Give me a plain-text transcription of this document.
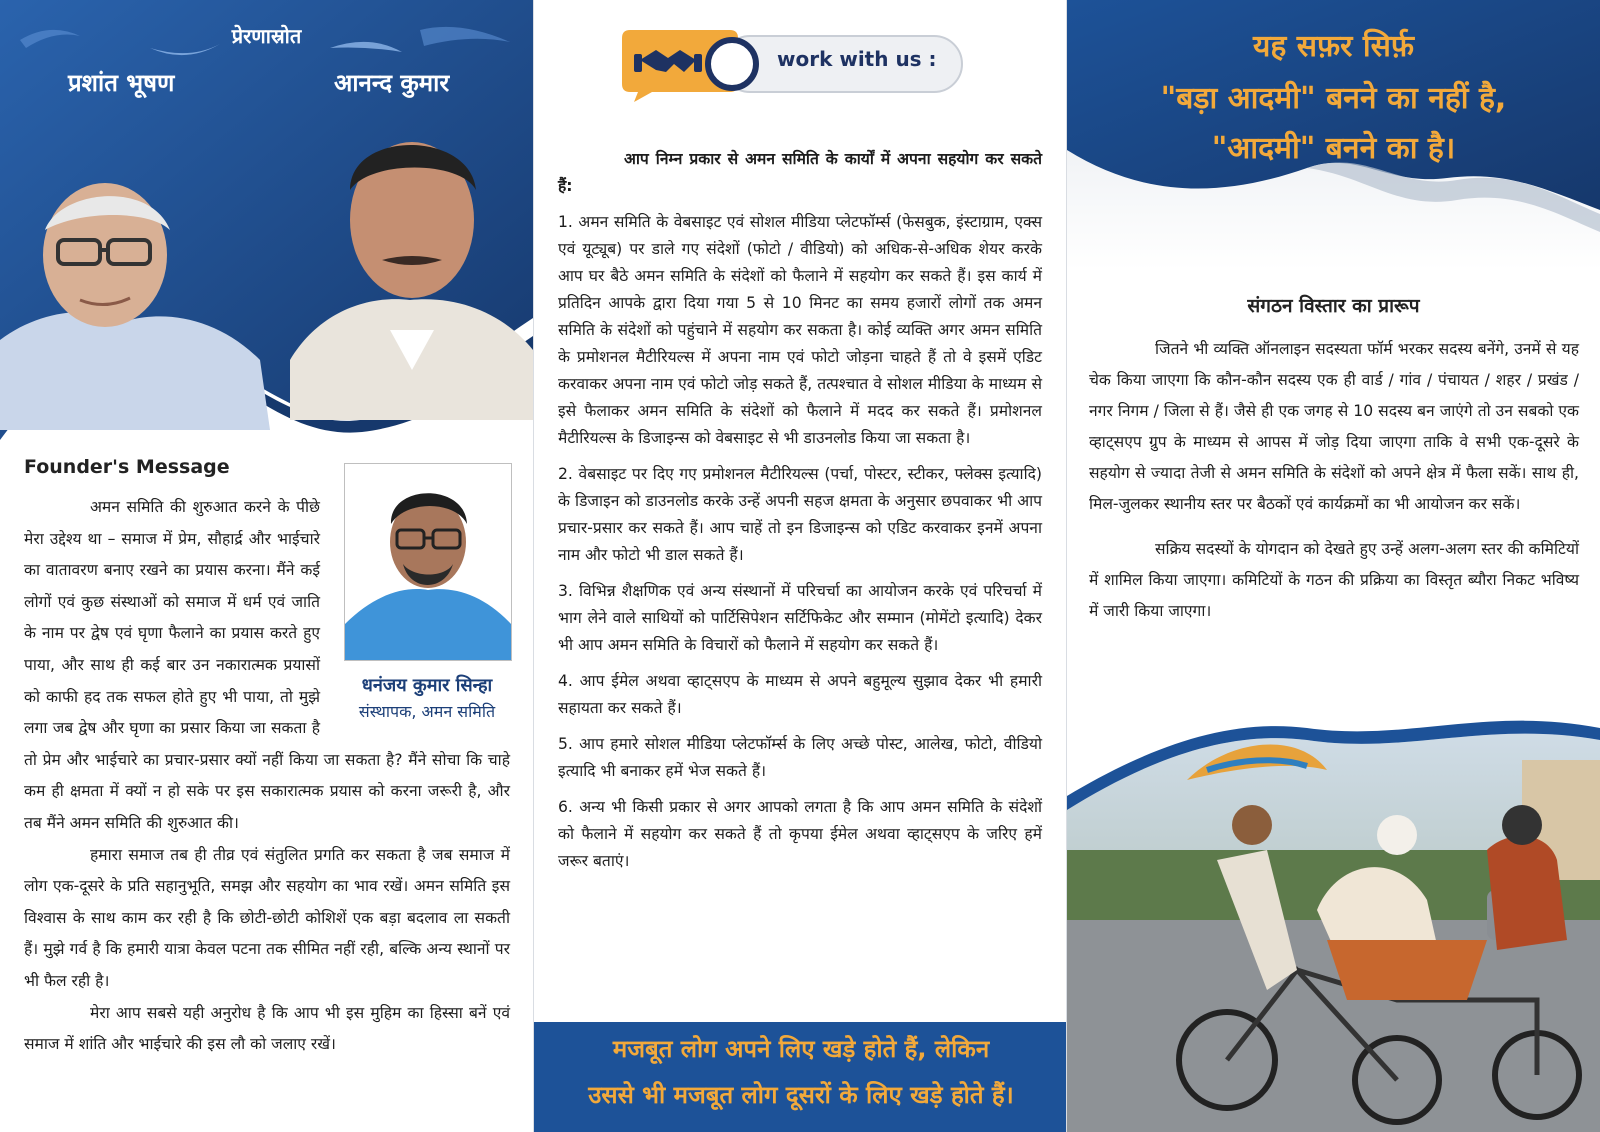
प्रेरणास्रोत
प्रशांत भूषण	आनन्द कुमार
Founder's Message
धनंजय कुमार सिन्हा
संस्थापक, अमन समिति

अमन समिति की शुरुआत करने के पीछे मेरा उद्देश्य था – समाज में प्रेम, सौहार्द्र और भाईचारे का वातावरण बनाए रखने का प्रयास करना। मैंने कई लोगों एवं कुछ संस्थाओं को समाज में धर्म एवं जाति के नाम पर द्वेष एवं घृणा फैलाने का प्रयास करते हुए पाया, और साथ ही कई बार उन नकारात्मक प्रयासों को काफी हद तक सफल होते हुए भी पाया, तो मुझे लगा जब द्वेष और घृणा का प्रसार किया जा सकता है तो प्रेम और भाईचारे का प्रचार-प्रसार क्यों नहीं किया जा सकता है? मैंने सोचा कि चाहे कम ही क्षमता में क्यों न हो सके पर इस सकारात्मक प्रयास को करना जरूरी है, और तब मैंने अमन समिति की शुरुआत की।

हमारा समाज तब ही तीव्र एवं संतुलित प्रगति कर सकता है जब समाज में लोग एक-दूसरे के प्रति सहानुभूति, समझ और सहयोग का भाव रखें। अमन समिति इस विश्वास के साथ काम कर रही है कि छोटी-छोटी कोशिशें एक बड़ा बदलाव ला सकती हैं। मुझे गर्व है कि हमारी यात्रा केवल पटना तक सीमित नहीं रही, बल्कि अन्य स्थानों पर भी फैल रही है।

मेरा आप सबसे यही अनुरोध है कि आप भी इस मुहिम का हिस्सा बनें एवं समाज में शांति और भाईचारे की इस लौ को जलाए रखें।

work with us :

आप निम्न प्रकार से अमन समिति के कार्यों में अपना सहयोग कर सकते हैं:

1. अमन समिति के वेबसाइट एवं सोशल मीडिया प्लेटफॉर्म्स (फेसबुक, इंस्टाग्राम, एक्स एवं यूट्यूब) पर डाले गए संदेशों (फोटो / वीडियो) को अधिक-से-अधिक शेयर करके आप घर बैठे अमन समिति के संदेशों को फैलाने में सहयोग कर सकते हैं। इस कार्य में प्रतिदिन आपके द्वारा दिया गया 5 से 10 मिनट का समय हजारों लोगों तक अमन समिति के संदेशों को पहुंचाने में सहयोग कर सकता है। कोई व्यक्ति अगर अमन समिति के प्रमोशनल मैटीरियल्स में अपना नाम एवं फोटो जोड़ना चाहते हैं तो वे इसमें एडिट करवाकर अपना नाम एवं फोटो जोड़ सकते हैं, तत्पश्चात वे सोशल मीडिया के माध्यम से इसे फैलाकर अमन समिति के संदेशों को फैलाने में मदद कर सकते हैं। प्रमोशनल मैटीरियल्स के डिजाइन्स को वेबसाइट से भी डाउनलोड किया जा सकता है।

2. वेबसाइट पर दिए गए प्रमोशनल मैटीरियल्स (पर्चा, पोस्टर, स्टीकर, फ्लेक्स इत्यादि) के डिजाइन को डाउनलोड करके उन्हें अपनी सहज क्षमता के अनुसार छपवाकर भी आप प्रचार-प्रसार कर सकते हैं। आप चाहें तो इन डिजाइन्स को एडिट करवाकर इनमें अपना नाम और फोटो भी डाल सकते हैं।

3. विभिन्न शैक्षणिक एवं अन्य संस्थानों में परिचर्चा का आयोजन करके एवं परिचर्चा में भाग लेने वाले साथियों को पार्टिसिपेशन सर्टिफिकेट और सम्मान (मोमेंटो इत्यादि) देकर भी आप अमन समिति के विचारों को फैलाने में सहयोग कर सकते हैं।

4. आप ईमेल अथवा व्हाट्सएप के माध्यम से अपने बहुमूल्य सुझाव देकर भी हमारी सहायता कर सकते हैं।

5. आप हमारे सोशल मीडिया प्लेटफॉर्म्स के लिए अच्छे पोस्ट, आलेख, फोटो, वीडियो इत्यादि भी बनाकर हमें भेज सकते हैं।

6. अन्य भी किसी प्रकार से अगर आपको लगता है कि आप अमन समिति के संदेशों को फैलाने में सहयोग कर सकते हैं तो कृपया ईमेल अथवा व्हाट्सएप के जरिए हमें जरूर बताएं।

मजबूत लोग अपने लिए खड़े होते हैं, लेकिन
उससे भी मजबूत लोग दूसरों के लिए खड़े होते हैं।
यह सफ़र सिर्फ़
"बड़ा आदमी" बनने का नहीं है,
"आदमी" बनने का है।
संगठन विस्तार का प्रारूप

जितने भी व्यक्ति ऑनलाइन सदस्यता फॉर्म भरकर सदस्य बनेंगे, उनमें से यह चेक किया जाएगा कि कौन-कौन सदस्य एक ही वार्ड / गांव / पंचायत / शहर / प्रखंड / नगर निगम / जिला से हैं। जैसे ही एक जगह से 10 सदस्य बन जाएंगे तो उन सबको एक व्हाट्सएप ग्रुप के माध्यम से आपस में जोड़ दिया जाएगा ताकि वे सभी एक-दूसरे के सहयोग से ज्यादा तेजी से अमन समिति के संदेशों को अपने क्षेत्र में फैला सकें। साथ ही, मिल-जुलकर स्थानीय स्तर पर बैठकों एवं कार्यक्रमों का भी आयोजन कर सकें।

सक्रिय सदस्यों के योगदान को देखते हुए उन्हें अलग-अलग स्तर की कमिटियों में शामिल किया जाएगा। कमिटियों के गठन की प्रक्रिया का विस्तृत ब्यौरा निकट भविष्य में जारी किया जाएगा।
